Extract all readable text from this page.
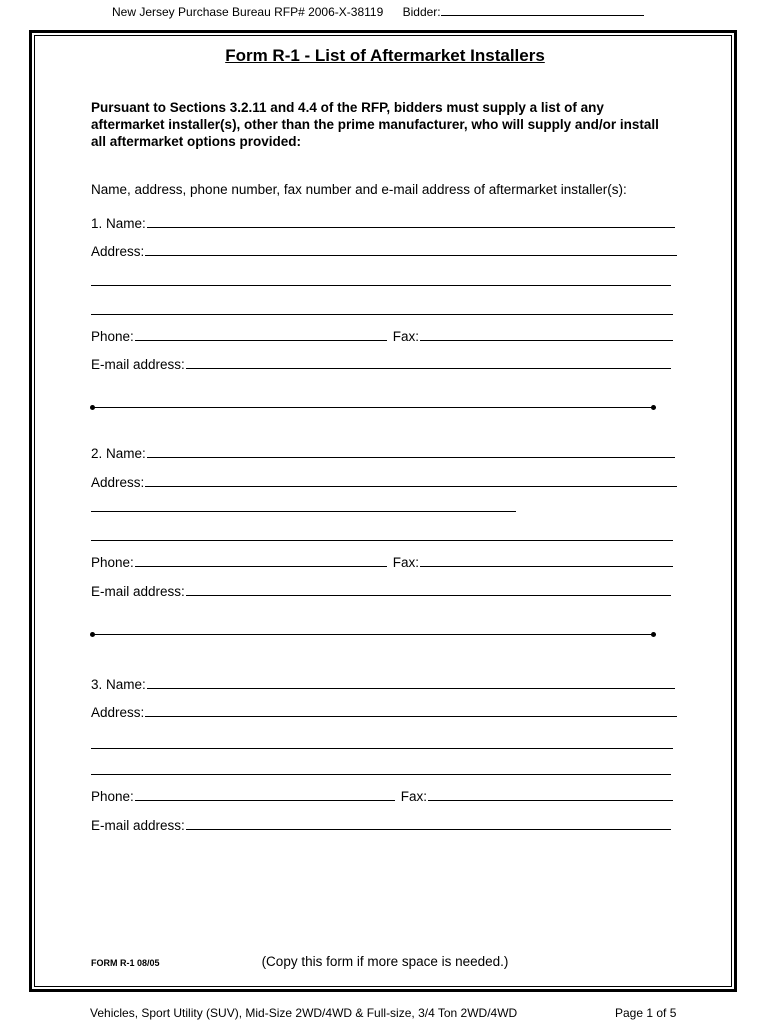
New Jersey Purchase Bureau RFP# 2006-X-38119 Bidder:
Form R-1 - List of Aftermarket Installers
Pursuant to Sections 3.2.11 and 4.4 of the RFP, bidders must supply a list of any aftermarket installer(s), other than the prime manufacturer, who will supply and/or install all aftermarket options provided:
Name, address, phone number, fax number and e-mail address of aftermarket installer(s):
1. Name:
Address:
Phone:	Fax:
E-mail address:
2. Name:
Address:
Phone:	Fax:
E-mail address:
3. Name:
Address:
Phone:	Fax:
E-mail address:
FORM R-1 08/05	(Copy this form if more space is needed.)
Vehicles, Sport Utility (SUV), Mid-Size 2WD/4WD & Full-size, 3/4 Ton 2WD/4WD	Page 1 of 5
